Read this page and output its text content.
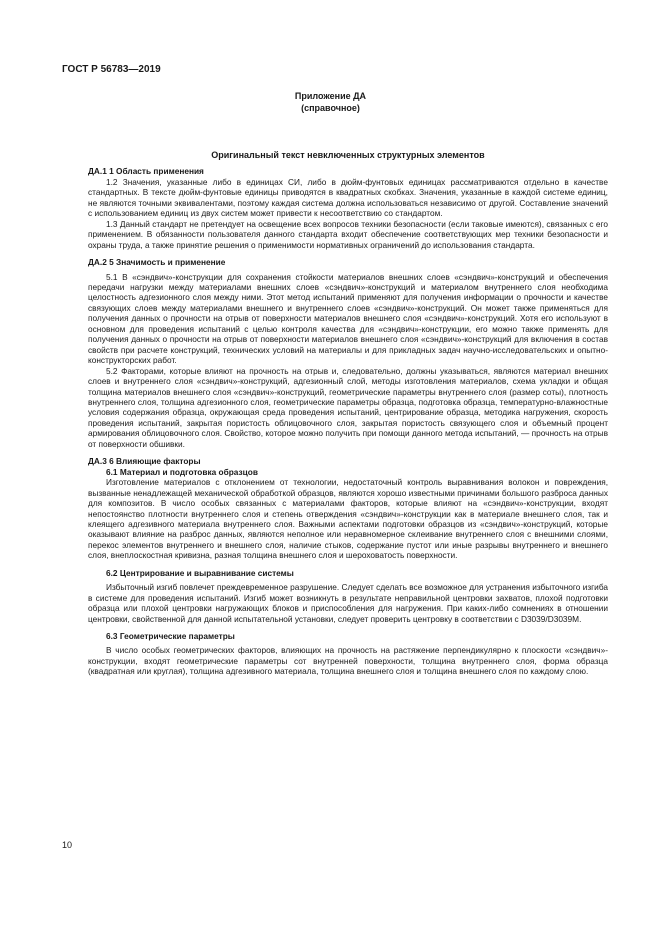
ГОСТ Р 56783—2019
Приложение ДА
(справочное)
Оригинальный текст невключенных структурных элементов
ДА.1 1 Область применения

1.2 Значения, указанные либо в единицах СИ, либо в дюйм-фунтовых единицах рассматриваются отдельно в качестве стандартных. В тексте дюйм-фунтовые единицы приводятся в квадратных скобках. Значения, указанные в каждой системе единиц, не являются точными эквивалентами, поэтому каждая система должна использоваться независимо от другой. Составление значений с использованием единиц из двух систем может привести к несоответствию со стандартом.

1.3 Данный стандарт не претендует на освещение всех вопросов техники безопасности (если таковые имеются), связанных с его применением. В обязанности пользователя данного стандарта входит обеспечение соответствующих мер техники безопасности и охраны труда, а также принятие решения о применимости нормативных ограничений до использования стандарта.

ДА.2 5 Значимость и применение

5.1 В «сэндвич»-конструкции для сохранения стойкости материалов внешних слоев «сэндвич»-конструкций и обеспечения передачи нагрузки между материалами внешних слоев «сэндвич»-конструкций и материалом внутреннего слоя необходима целостность адгезионного слоя между ними. Этот метод испытаний применяют для получения информации о прочности и качестве связующих слоев между материалами внешнего и внутреннего слоев «сэндвич»-конструкций. Он может также применяться для получения данных о прочности на отрыв от поверхности материалов внешнего слоя «сэндвич»-конструкций. Хотя его используют в основном для проведения испытаний с целью контроля качества для «сэндвич»-конструкции, его можно также применять для получения данных о прочности на отрыв от поверхности материалов внешнего слоя «сэндвич»-конструкций для включения в состав свойств при расчете конструкций, технических условий на материалы и для прикладных задач научно-исследовательских и опытно-конструкторских работ.

5.2 Факторами, которые влияют на прочность на отрыв и, следовательно, должны указываться, являются материал внешних слоев и внутреннего слоя «сэндвич»-конструкций, адгезионный слой, методы изготовления материалов, схема укладки и общая толщина материалов внешнего слоя «сэндвич»-конструкций, геометрические параметры внутреннего слоя (размер соты), плотность внутреннего слоя, толщина адгезионного слоя, геометрические параметры образца, подготовка образца, температурно-влажностные условия содержания образца, окружающая среда проведения испытаний, центрирование образца, методика нагружения, скорость проведения испытаний, закрытая пористость облицовочного слоя, закрытая пористость связующего слоя и объемный процент армирования облицовочного слоя. Свойство, которое можно получить при помощи данного метода испытаний, — прочность на отрыв от поверхности обшивки.

ДА.3 6 Влияющие факторы
6.1 Материал и подготовка образцов

Изготовление материалов с отклонением от технологии, недостаточный контроль выравнивания волокон и повреждения, вызванные ненадлежащей механической обработкой образцов, являются хорошо известными причинами большого разброса данных для композитов. В число особых связанных с материалами факторов, которые влияют на «сэндвич»-конструкции, входят непостоянство плотности внутреннего слоя и степень отверждения «сэндвич»-конструкции как в материале внешнего слоя, так и клеящего адгезивного материала внутреннего слоя. Важными аспектами подготовки образцов из «сэндвич»-конструкций, которые оказывают влияние на разброс данных, являются неполное или неравномерное склеивание внутреннего слоя с внешними слоями, перекос элементов внутреннего и внешнего слоя, наличие стыков, содержание пустот или иные разрывы внутреннего и внешнего слоя, внеплоскостная кривизна, разная толщина внешнего слоя и шероховатость поверхности.

6.2 Центрирование и выравнивание системы

Избыточный изгиб повлечет преждевременное разрушение. Следует сделать все возможное для устранения избыточного изгиба в системе для проведения испытаний. Изгиб может возникнуть в результате неправильной центровки захватов, плохой подготовки образца или плохой центровки нагружающих блоков и приспособления для нагружения. При каких-либо сомнениях в отношении центровки, свойственной для данной испытательной установки, следует проверить центровку в соответствии с D3039/D3039M.

6.3 Геометрические параметры

В число особых геометрических факторов, влияющих на прочность на растяжение перпендикулярно к плоскости «сэндвич»-конструкции, входят геометрические параметры сот внутренней поверхности, толщина внутреннего слоя, форма образца (квадратная или круглая), толщина адгезивного материала, толщина внешнего слоя и толщина внешнего слоя по каждому слою.

10
